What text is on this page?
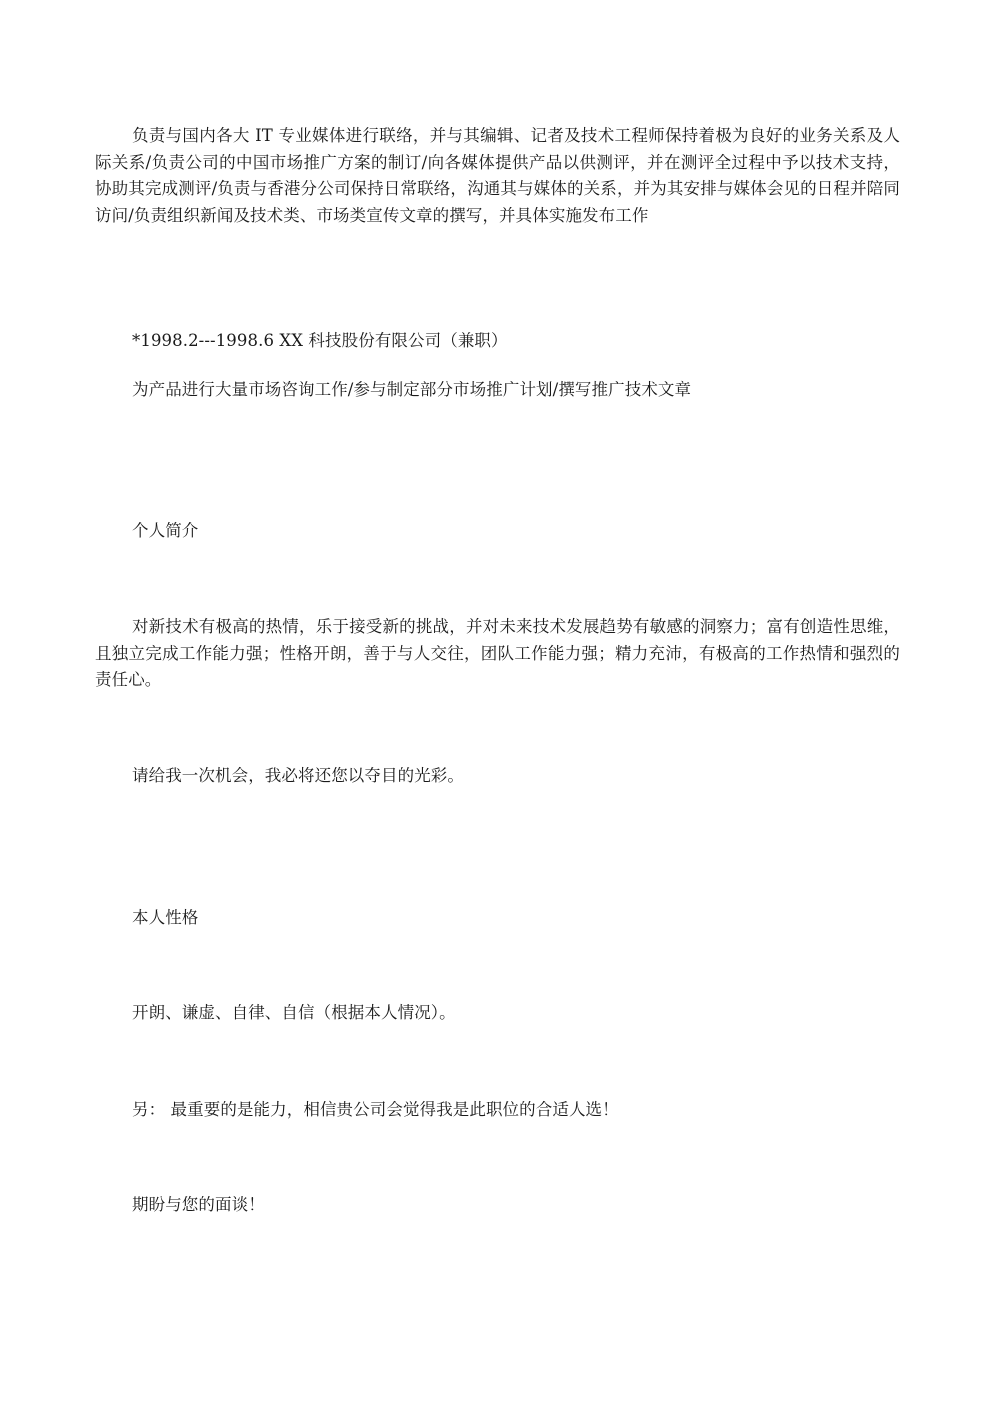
负责与国内各大 IT 专业媒体进行联络，并与其编辑、记者及技术工程师保持着极为良好的业务关系及人际关系/负责公司的中国市场推广方案的制订/向各媒体提供产品以供测评，并在测评全过程中予以技术支持，协助其完成测评/负责与香港分公司保持日常联络，沟通其与媒体的关系，并为其安排与媒体会见的日程并陪同访问/负责组织新闻及技术类、市场类宣传文章的撰写，并具体实施发布工作

*1998.2---1998.6 XX 科技股份有限公司（兼职）

为产品进行大量市场咨询工作/参与制定部分市场推广计划/撰写推广技术文章

个人简介

对新技术有极高的热情，乐于接受新的挑战，并对未来技术发展趋势有敏感的洞察力；富有创造性思维，且独立完成工作能力强；性格开朗，善于与人交往，团队工作能力强；精力充沛，有极高的工作热情和强烈的责任心。

请给我一次机会，我必将还您以夺目的光彩。

本人性格

开朗、谦虚、自律、自信（根据本人情况）。

另： 最重要的是能力，相信贵公司会觉得我是此职位的合适人选！

期盼与您的面谈！
